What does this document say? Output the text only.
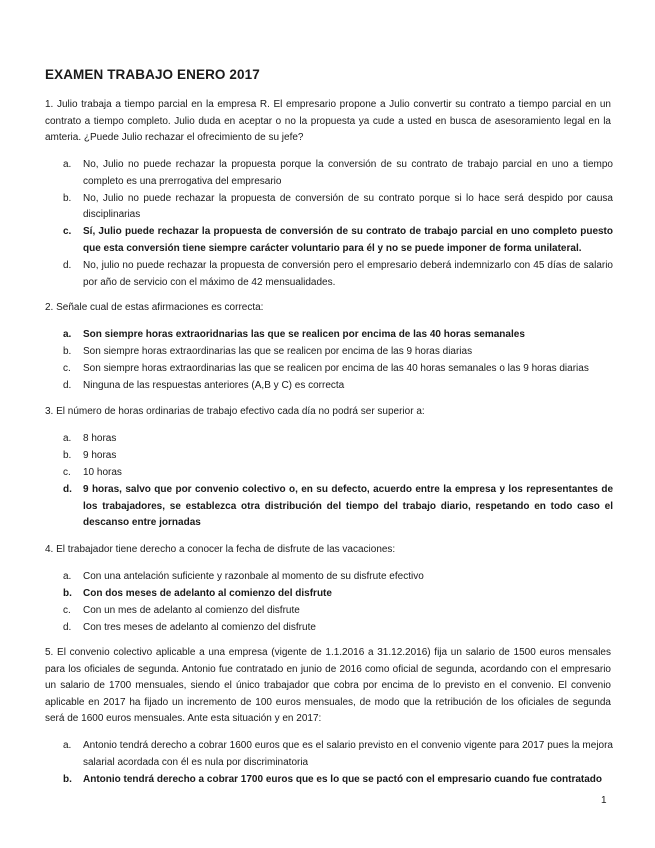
EXAMEN TRABAJO ENERO 2017
1. Julio trabaja a tiempo parcial en la empresa R. El empresario propone a Julio convertir su contrato a tiempo parcial en un contrato a tiempo completo. Julio duda en aceptar o no la propuesta ya cude a usted en busca de asesoramiento legal en la amteria. ¿Puede Julio rechazar el ofrecimiento de su jefe?
a. No, Julio no puede rechazar la propuesta porque la conversión de su contrato de trabajo parcial en uno a tiempo completo es una prerrogativa del empresario
b. No, Julio no puede rechazar la propuesta de conversión de su contrato porque si lo hace será despido por causa disciplinarias
c. Sí, Julio puede rechazar la propuesta de conversión de su contrato de trabajo parcial en uno completo puesto que esta conversión tiene siempre carácter voluntario para él y no se puede imponer de forma unilateral.
d. No, julio no puede rechazar la propuesta de conversión pero el empresario deberá indemnizarlo con 45 días de salario por año de servicio con el máximo de 42 mensualidades.
2. Señale cual de estas afirmaciones es correcta:
a. Son siempre horas extraoridnarias las que se realicen por encima de las 40 horas semanales
b. Son siempre horas extraordinarias las que se realicen por encima de las 9 horas diarias
c. Son siempre horas extraordinarias las que se realicen por encima de las 40 horas semanales o las 9 horas diarias
d. Ninguna de las respuestas anteriores (A,B y C) es correcta
3. El número de horas ordinarias de trabajo efectivo cada día no podrá ser superior a:
a. 8 horas
b. 9 horas
c. 10 horas
d. 9 horas, salvo que por convenio colectivo o, en su defecto, acuerdo entre la empresa y los representantes de los trabajadores, se establezca otra distribución del tiempo del trabajo diario, respetando en todo caso el descanso entre jornadas
4. El trabajador tiene derecho a conocer la fecha de disfrute de las vacaciones:
a. Con una antelación suficiente y razonbale al momento de su disfrute efectivo
b. Con dos meses de adelanto al comienzo del disfrute
c. Con un mes de adelanto al comienzo del disfrute
d. Con tres meses de adelanto al comienzo del disfrute
5. El convenio colectivo aplicable a una empresa (vigente de 1.1.2016 a 31.12.2016) fija un salario de 1500 euros mensales para los oficiales de segunda. Antonio fue contratado en junio de 2016 como oficial de segunda, acordando con el empresario un salario de 1700 mensuales, siendo el único trabajador que cobra por encima de lo previsto en el convenio. El convenio aplicable en 2017 ha fijado un incremento de 100 euros mensuales, de modo que la retribución de los oficiales de segunda será de 1600 euros mensuales. Ante esta situación y en 2017:
a. Antonio tendrá derecho a cobrar 1600 euros que es el salario previsto en el convenio vigente para 2017 pues la mejora salarial acordada con él es nula por discriminatoria
b. Antonio tendrá derecho a cobrar 1700 euros que es lo que se pactó con el empresario cuando fue contratado
1
